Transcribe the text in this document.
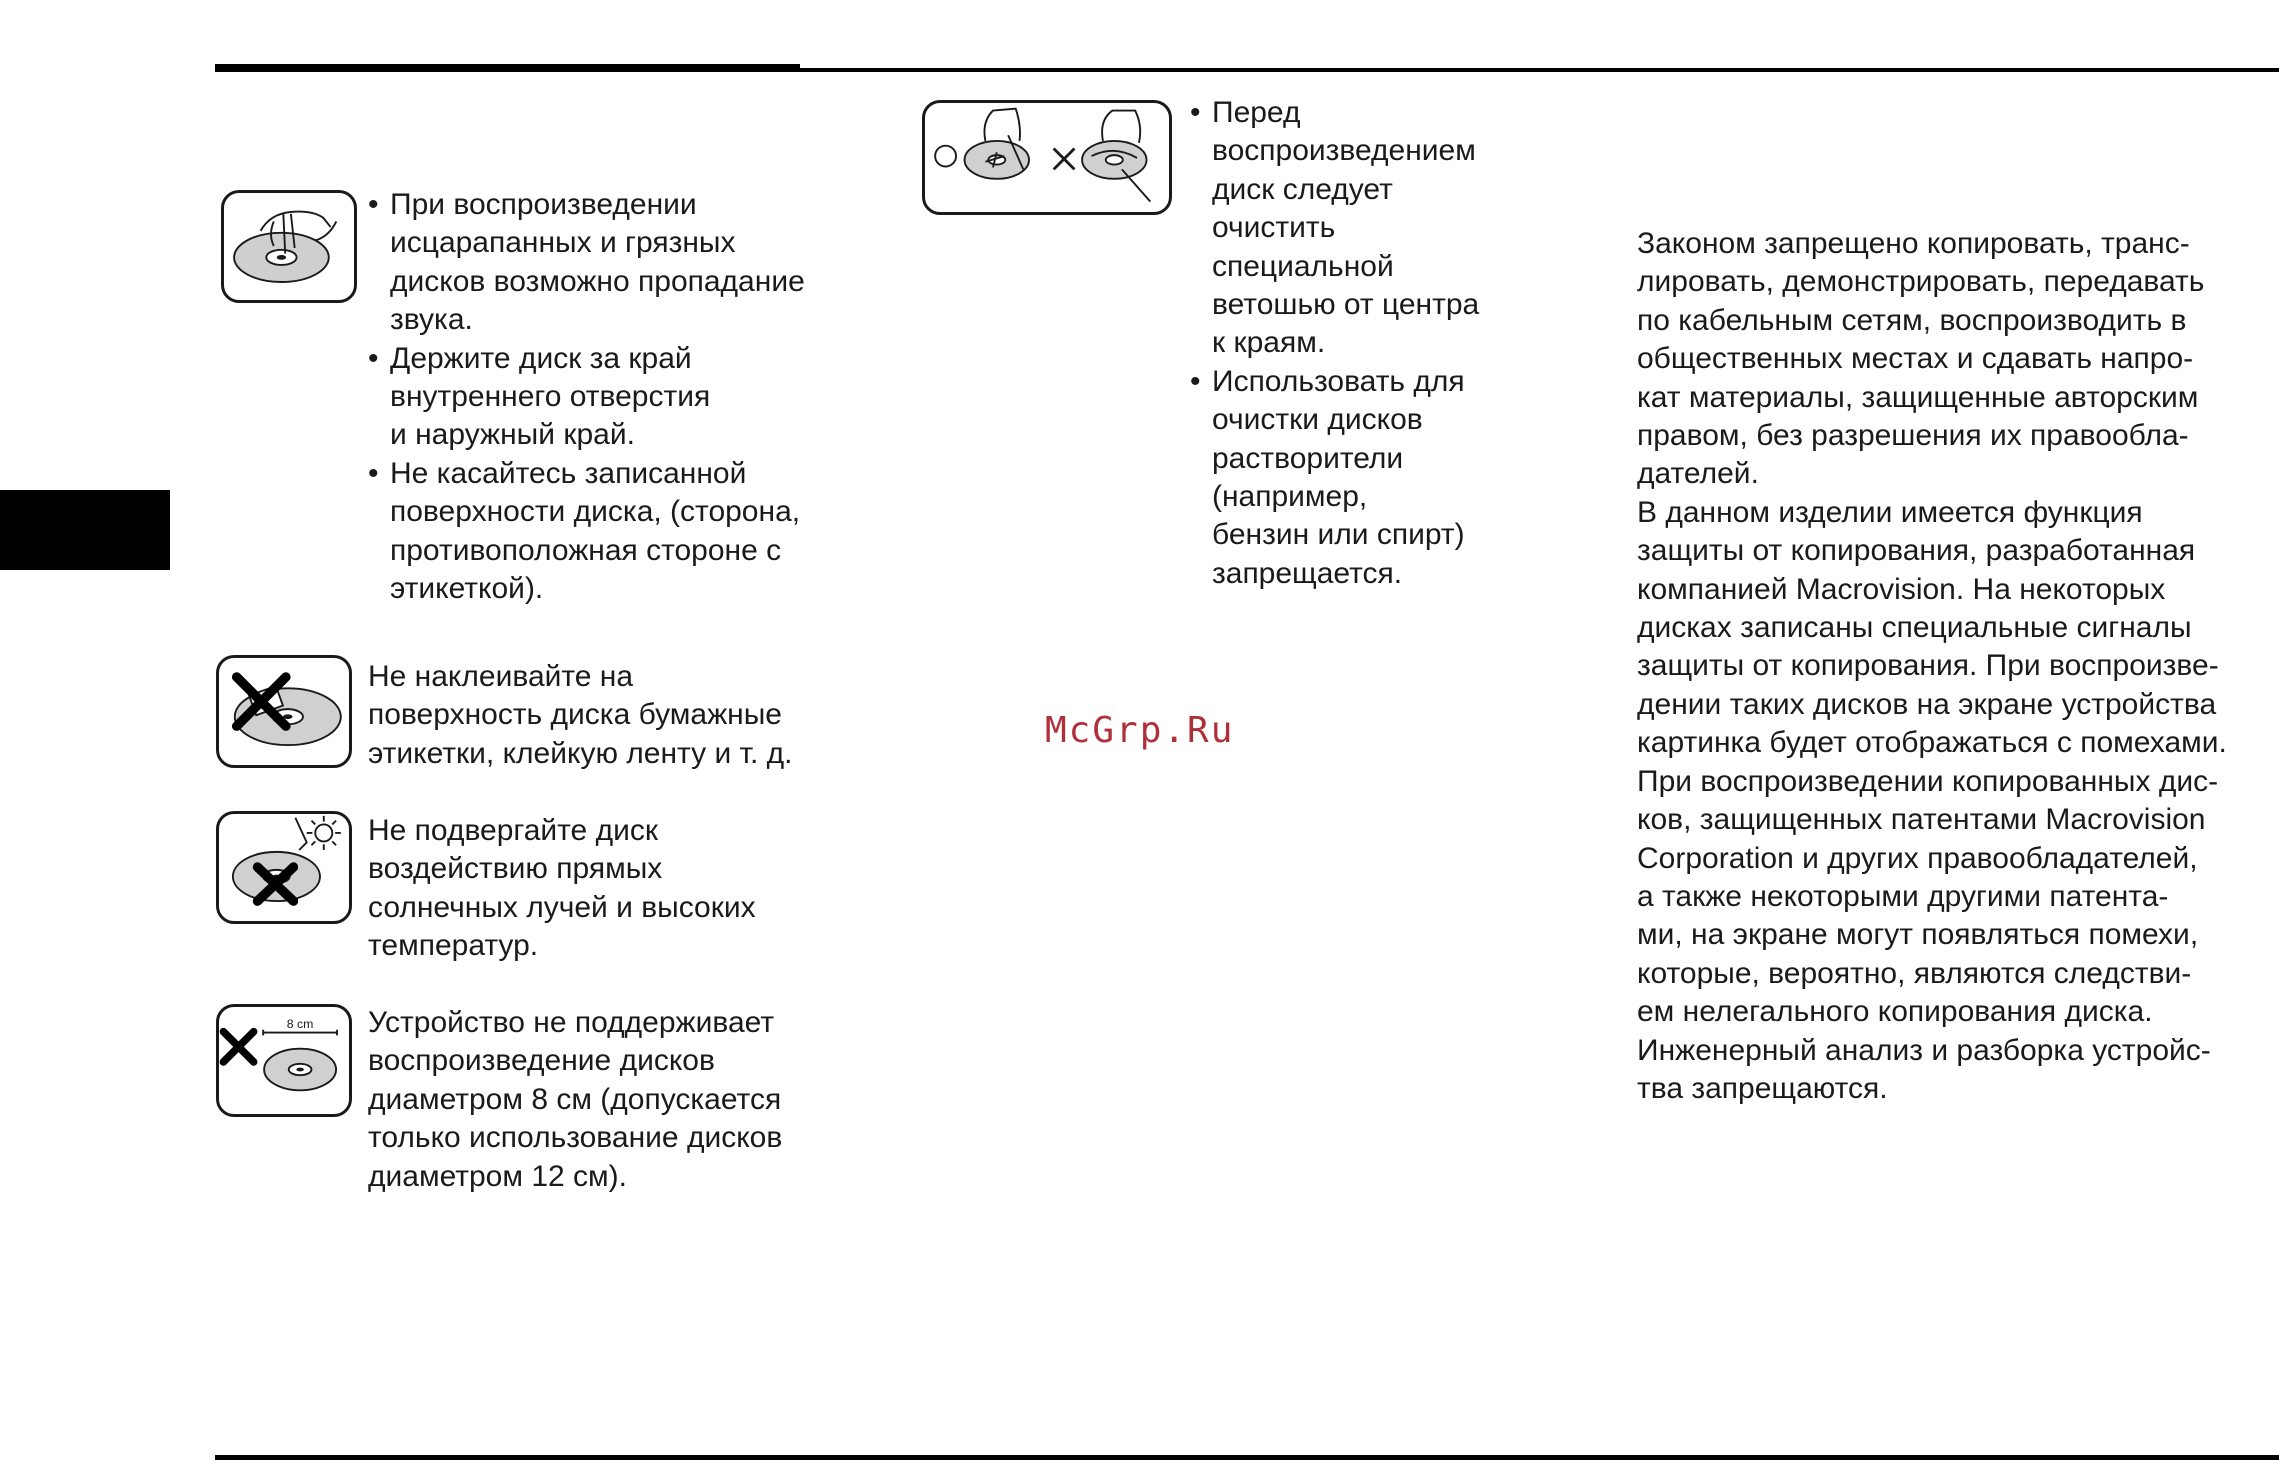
8 cm
• При воспроизведении
исцарапанных и грязных
дисков возможно пропадание
звука.
• Держите диск за край
внутреннего отверстия
и наружный край.
• Не касайтесь записанной
поверхности диска, (сторона,
противоположная стороне с
этикеткой).
Не наклеивайте на
поверхность диска бумажные
этикетки, клейкую ленту и т. д.
Не подвергайте диск
воздействию прямых
солнечных лучей и высоких
температур.
Устройство не поддерживает
воспроизведение дисков
диаметром 8 см (допускается
только использование дисков
диаметром 12 см).
• Перед
воспроизведением
диск следует
очистить
специальной
ветошью от центра
к краям.
• Использовать для
очистки дисков
растворители
(например,
бензин или спирт)
запрещается.
McGrp.Ru
Законом запрещено копировать, транс-
лировать, демонстрировать, передавать
по кабельным сетям, воспроизводить в
общественных местах и сдавать напро-
кат материалы, защищенные авторским
правом, без разрешения их правообла-
дателей.
В данном изделии имеется функция
защиты от копирования, разработанная
компанией Macrovision. На некоторых
дисках записаны специальные сигналы
защиты от копирования. При воспроизве-
дении таких дисков на экране устройства
картинка будет отображаться с помехами.
При воспроизведении копированных дис-
ков, защищенных патентами Macrovision
Corporation и других правообладателей,
а также некоторыми другими патента-
ми, на экране могут появляться помехи,
которые, вероятно, являются следстви-
ем нелегального копирования диска.
Инженерный анализ и разборка устройс-
тва запрещаются.
